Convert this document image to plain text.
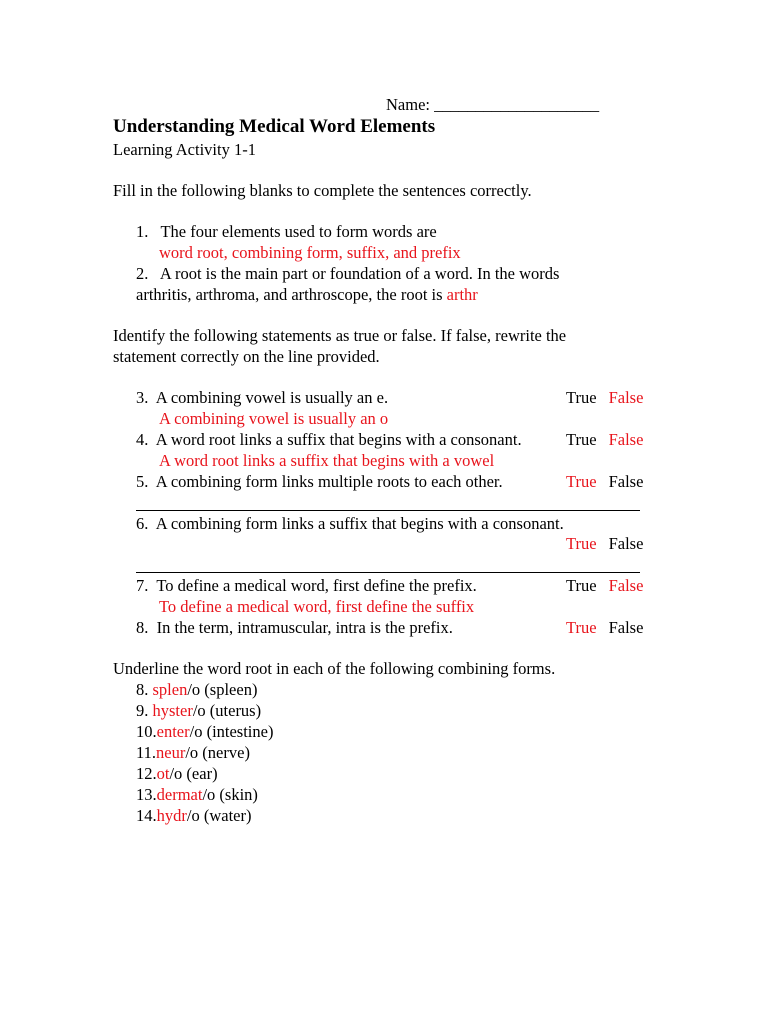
Name: ____________________
Understanding Medical Word Elements
Learning Activity 1-1
Fill in the following blanks to complete the sentences correctly.
1. The four elements used to form words are
word root, combining form, suffix, and prefix
2. A root is the main part or foundation of a word. In the words
arthritis, arthroma, and arthroscope, the root is arthr
Identify the following statements as true or false. If false, rewrite the
statement correctly on the line provided.
3. A combining vowel is usually an e.	True False
A combining vowel is usually an o
4. A word root links a suffix that begins with a consonant.	True False
A word root links a suffix that begins with a vowel
5. A combining form links multiple roots to each other.	True False
6. A combining form links a suffix that begins with a consonant.
True False
7. To define a medical word, first define the prefix.	True False
To define a medical word, first define the suffix
8. In the term, intramuscular, intra is the prefix.	True False
Underline the word root in each of the following combining forms.
8. splen/o (spleen)
9. hyster/o (uterus)
10.enter/o (intestine)
11.neur/o (nerve)
12.ot/o (ear)
13.dermat/o (skin)
14.hydr/o (water)
